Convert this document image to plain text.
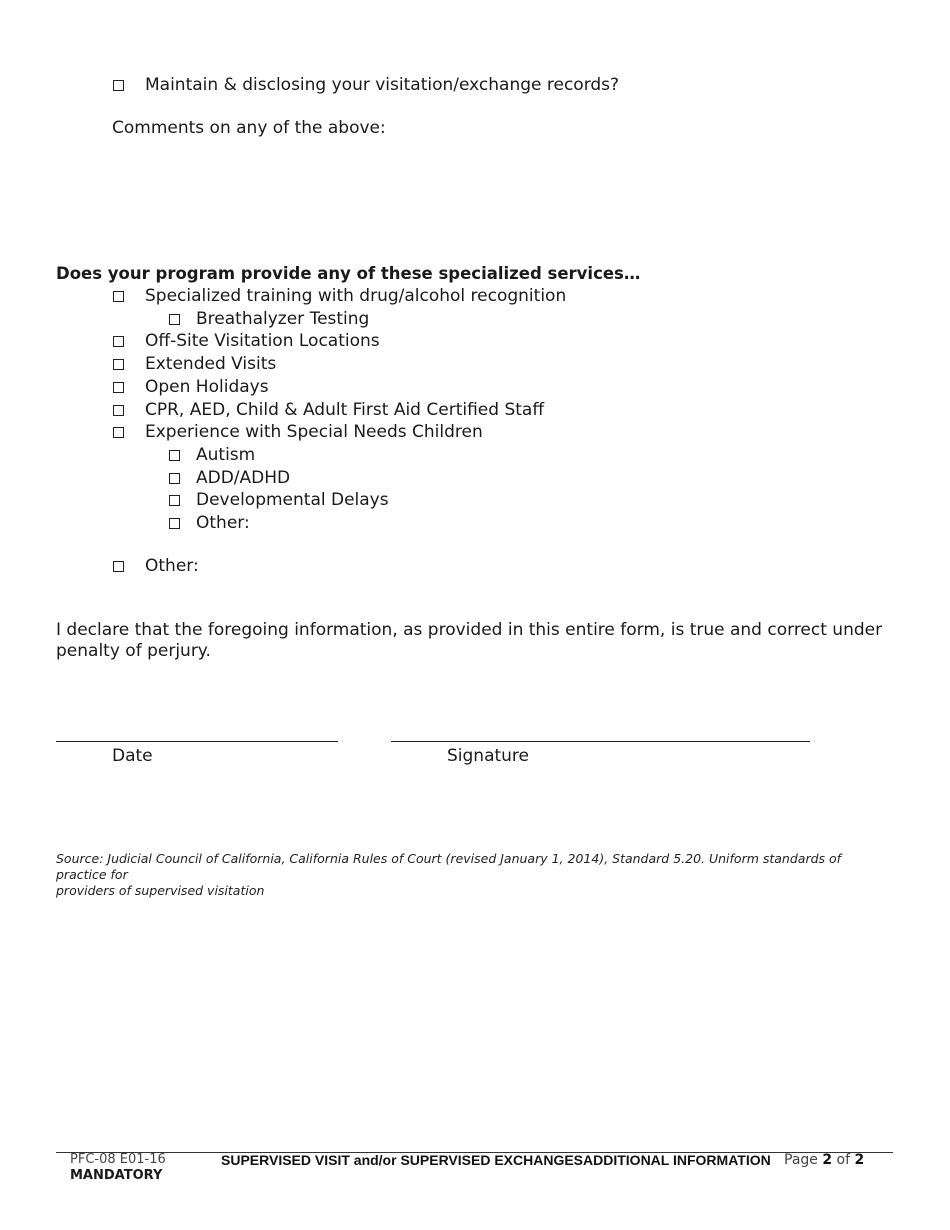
Maintain & disclosing your visitation/exchange records?
Comments on any of the above:
Does your program provide any of these specialized services…
Specialized training with drug/alcohol recognition
Breathalyzer Testing
Off-Site Visitation Locations
Extended Visits
Open Holidays
CPR, AED, Child & Adult First Aid Certified Staff
Experience with Special Needs Children
Autism
ADD/ADHD
Developmental Delays
Other:
Other:
I declare that the foregoing information, as provided in this entire form, is true and correct under
penalty of perjury.
Date	Signature
Source: Judicial Council of California, California Rules of Court (revised January 1, 2014), Standard 5.20. Uniform standards of practice for
providers of supervised visitation
PFC-08 E01-16
MANDATORY
SUPERVISED VISIT and/or SUPERVISED EXCHANGESADDITIONAL INFORMATION Page 2 of 2
